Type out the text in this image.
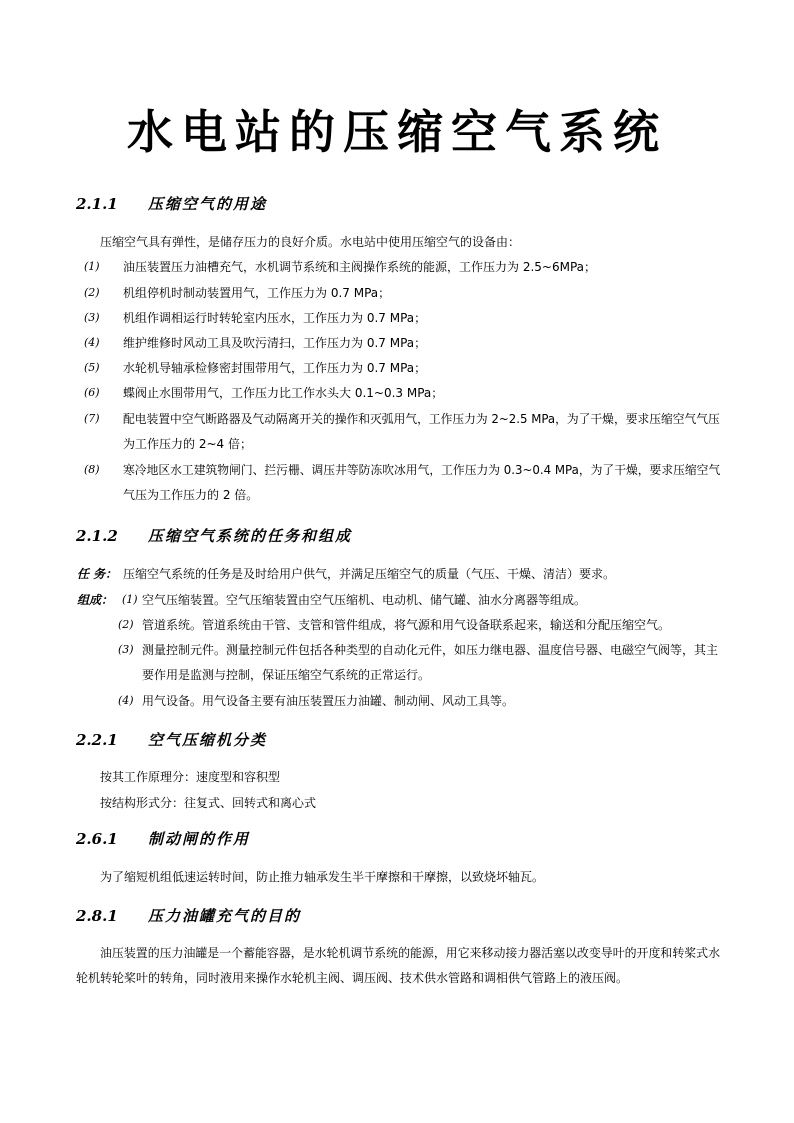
水电站的压缩空气系统
2.1.1 压缩空气的用途
压缩空气具有弹性，是储存压力的良好介质。水电站中使用压缩空气的设备由：
(1) 油压装置压力油槽充气，水机调节系统和主阀操作系统的能源，工作压力为 2.5~6MPa；
(2) 机组停机时制动装置用气，工作压力为 0.7 MPa；
(3) 机组作调相运行时转轮室内压水，工作压力为 0.7 MPa；
(4) 维护维修时风动工具及吹污清扫，工作压力为 0.7 MPa；
(5) 水轮机导轴承检修密封围带用气，工作压力为 0.7 MPa；
(6) 蝶阀止水围带用气，工作压力比工作水头大 0.1~0.3 MPa；
(7) 配电装置中空气断路器及气动隔离开关的操作和灭弧用气，工作压力为 2~2.5 MPa，为了干燥，要求压缩空气气压
为工作压力的 2~4 倍；
(8) 寒冷地区水工建筑物闸门、拦污栅、调压井等防冻吹冰用气，工作压力为 0.3~0.4 MPa，为了干燥，要求压缩空气
气压为工作压力的 2 倍。
2.1.2 压缩空气系统的任务和组成
任 务： 压缩空气系统的任务是及时给用户供气，并满足压缩空气的质量（气压、干燥、清洁）要求。
组成： (1) 空气压缩装置。空气压缩装置由空气压缩机、电动机、储气罐、油水分离器等组成。
(2) 管道系统。管道系统由干管、支管和管件组成，将气源和用气设备联系起来，输送和分配压缩空气。
(3) 测量控制元件。测量控制元件包括各种类型的自动化元件，如压力继电器、温度信号器、电磁空气阀等，其主
要作用是监测与控制，保证压缩空气系统的正常运行。
(4) 用气设备。用气设备主要有油压装置压力油罐、制动闸、风动工具等。
2.2.1 空气压缩机分类
按其工作原理分：速度型和容积型
按结构形式分：往复式、回转式和离心式
2.6.1 制动闸的作用
为了缩短机组低速运转时间，防止推力轴承发生半干摩擦和干摩擦，以致烧坏轴瓦。
2.8.1 压力油罐充气的目的
油压装置的压力油罐是一个蓄能容器，是水轮机调节系统的能源，用它来移动接力器活塞以改变导叶的开度和转桨式水
轮机转轮桨叶的转角，同时液用来操作水轮机主阀、调压阀、技术供水管路和调相供气管路上的液压阀。
